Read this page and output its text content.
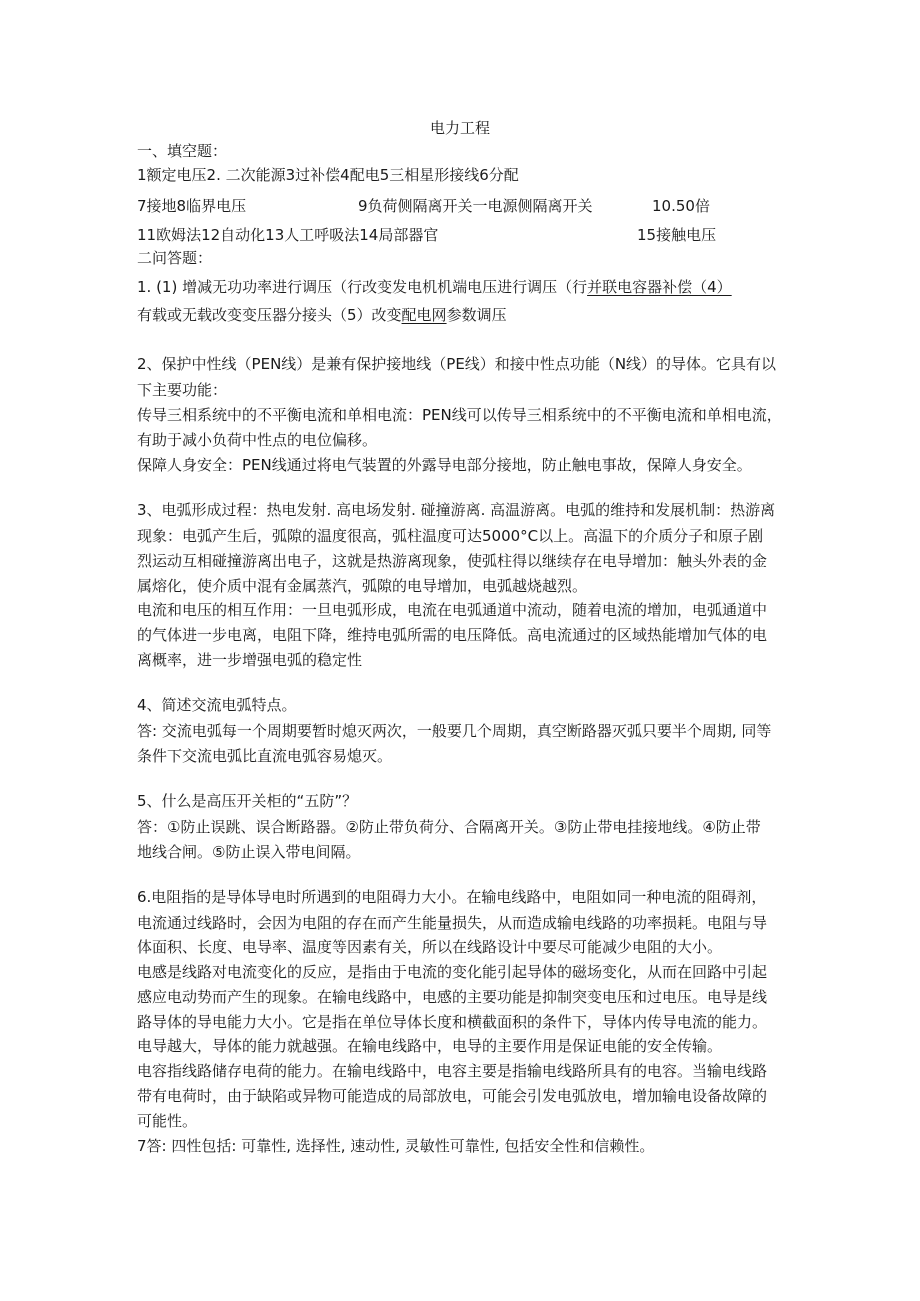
电力工程
一、填空题：
1额定电压2. 二次能源3过补偿4配电5三相星形接线6分配
7接地8临界电压	9负荷侧隔离开关一电源侧隔离开关	10.50倍
11欧姆法12自动化13人工呼吸法14局部器官	15接触电压
二问答题：
1. (1) 增减无功功率进行调压（行改变发电机机端电压进行调压（行并联电容器补偿（4）
有载或无载改变变压器分接头（5）改变配电网参数调压
2、保护中性线（PEN线）是兼有保护接地线（PE线）和接中性点功能（N线）的导体。它具有以
下主要功能：
传导三相系统中的不平衡电流和单相电流：PEN线可以传导三相系统中的不平衡电流和单相电流，
有助于减小负荷中性点的电位偏移。
保障人身安全：PEN线通过将电气装置的外露导电部分接地，防止触电事故，保障人身安全。
3、电弧形成过程：热电发射. 高电场发射. 碰撞游离. 高温游离。电弧的维持和发展机制：热游离
现象：电弧产生后，弧隙的温度很高，弧柱温度可达5000°C以上。高温下的介质分子和原子剧
烈运动互相碰撞游离出电子，这就是热游离现象，使弧柱得以继续存在电导增加：触头外表的金
属熔化，使介质中混有金属蒸汽，弧隙的电导增加，电弧越烧越烈。
电流和电压的相互作用：一旦电弧形成，电流在电弧通道中流动，随着电流的增加，电弧通道中
的气体进一步电离，电阻下降，维持电弧所需的电压降低。高电流通过的区域热能增加气体的电
离概率，进一步增强电弧的稳定性
4、简述交流电弧特点。
答: 交流电弧每一个周期要暂时熄灭两次，一般要几个周期，真空断路器灭弧只要半个周期, 同等
条件下交流电弧比直流电弧容易熄灭。
5、什么是高压开关柜的“五防”？
答：①防止误跳、误合断路器。②防止带负荷分、合隔离开关。③防止带电挂接地线。④防止带
地线合闸。⑤防止误入带电间隔。
6.电阻指的是导体导电时所遇到的电阻碍力大小。在输电线路中，电阻如同一种电流的阻碍剂，
电流通过线路时，会因为电阻的存在而产生能量损失，从而造成输电线路的功率损耗。电阻与导
体面积、长度、电导率、温度等因素有关，所以在线路设计中要尽可能减少电阻的大小。
电感是线路对电流变化的反应，是指由于电流的变化能引起导体的磁场变化，从而在回路中引起
感应电动势而产生的现象。在输电线路中，电感的主要功能是抑制突变电压和过电压。电导是线
路导体的导电能力大小。它是指在单位导体长度和横截面积的条件下，导体内传导电流的能力。
电导越大，导体的能力就越强。在输电线路中，电导的主要作用是保证电能的安全传输。
电容指线路储存电荷的能力。在输电线路中，电容主要是指输电线路所具有的电容。当输电线路
带有电荷时，由于缺陷或异物可能造成的局部放电，可能会引发电弧放电，增加输电设备故障的
可能性。
7答: 四性包括: 可靠性, 选择性, 速动性, 灵敏性可靠性, 包括安全性和信赖性。
